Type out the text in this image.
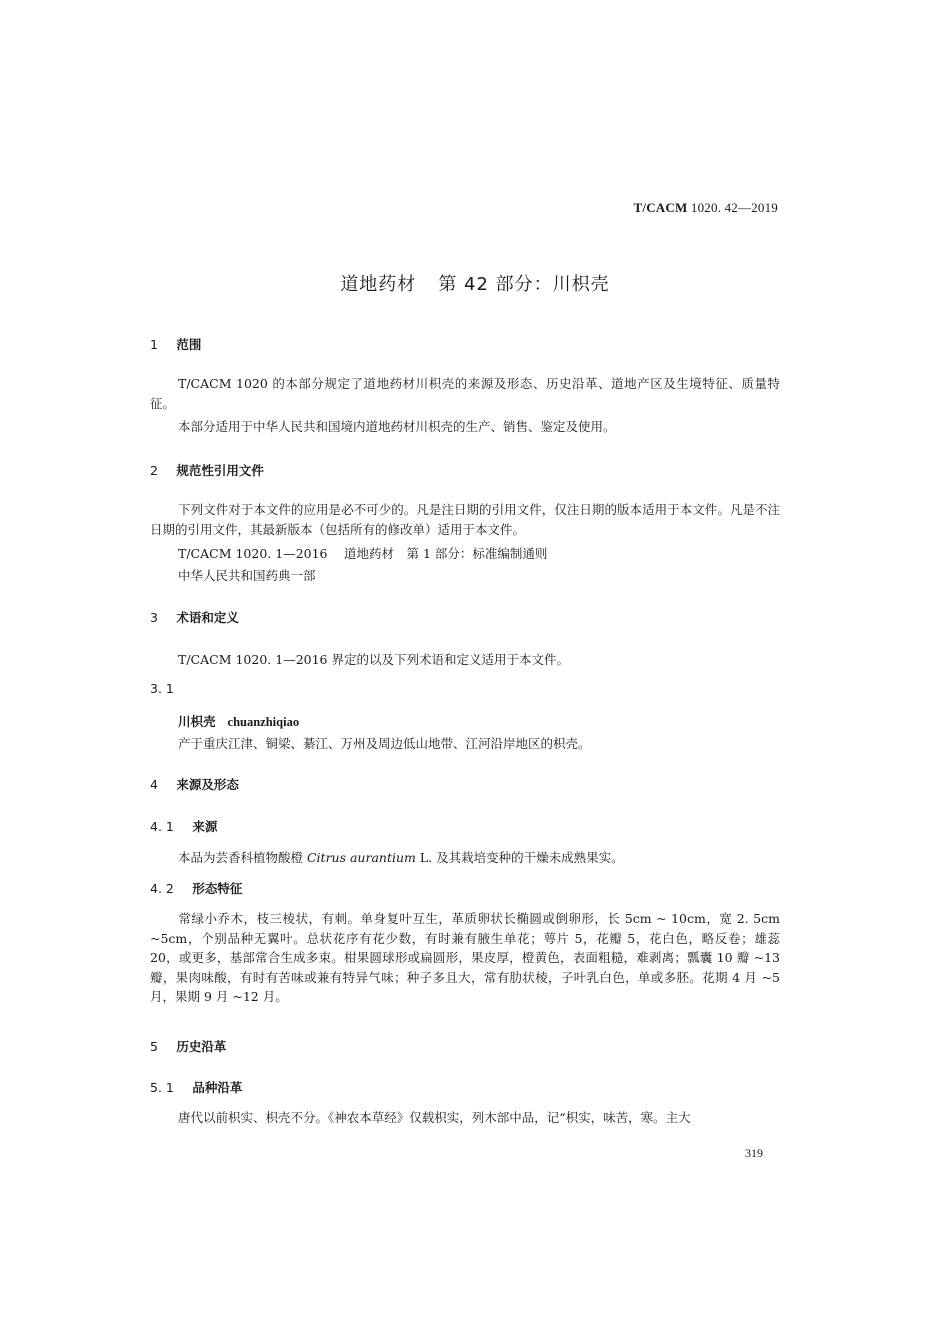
T/CACM 1020. 42—2019
道地药材 第 42 部分：川枳壳
1 范围
T/CACM 1020 的本部分规定了道地药材川枳壳的来源及形态、历史沿革、道地产区及生境特征、质量特征。
本部分适用于中华人民共和国境内道地药材川枳壳的生产、销售、鉴定及使用。
2 规范性引用文件
下列文件对于本文件的应用是必不可少的。凡是注日期的引用文件，仅注日期的版本适用于本文件。凡是不注日期的引用文件，其最新版本（包括所有的修改单）适用于本文件。
T/CACM 1020. 1—2016　 道地药材　第 1 部分：标准编制通则
中华人民共和国药典一部
3 术语和定义
T/CACM 1020. 1—2016 界定的以及下列术语和定义适用于本文件。
3. 1
川枳壳 chuanzhiqiao
产于重庆江津、铜梁、綦江、万州及周边低山地带、江河沿岸地区的枳壳。
4 来源及形态
4. 1 来源
本品为芸香科植物酸橙 Citrus aurantium L. 及其栽培变种的干燥未成熟果实。
4. 2 形态特征
常绿小乔木，枝三棱状，有刺。单身复叶互生，革质卵状长椭圆或倒卵形，长 5cm ~ 10cm，宽 2. 5cm ~5cm，个别品种无翼叶。总状花序有花少数，有时兼有腋生单花；萼片 5，花瓣 5，花白色，略反卷；雄蕊 20，或更多，基部常合生成多束。柑果圆球形或扁圆形，果皮厚，橙黄色，表面粗糙，难剥离；瓢囊 10 瓣 ~13 瓣，果肉味酸，有时有苦味或兼有特异气味；种子多且大，常有肋状棱，子叶乳白色，单或多胚。花期 4 月 ~5 月，果期 9 月 ~12 月。
5 历史沿革
5. 1 品种沿革
唐代以前枳实、枳壳不分。《神农本草经》仅载枳实，列木部中品，记“枳实，味苦，寒。主大
319
